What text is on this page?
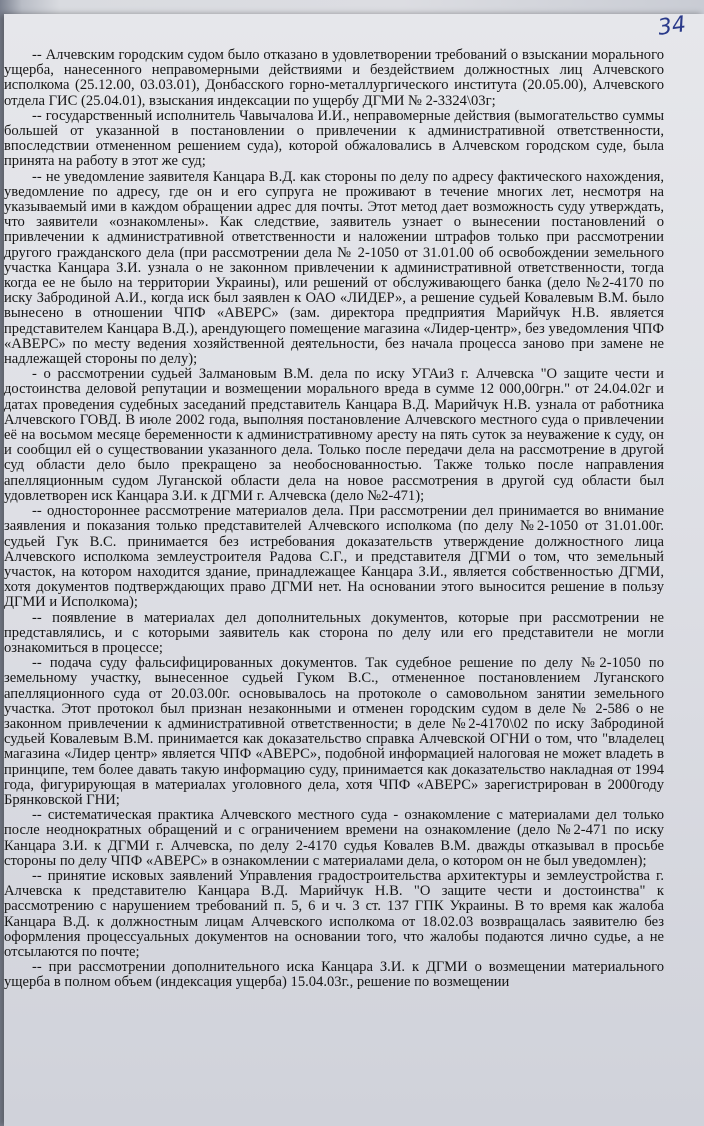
34

-- Алчевским городским судом было отказано в удовлетворении требований о взыскании морального ущерба, нанесенного неправомерными действиями и бездействием должностных лиц Алчевского исполкома (25.12.00, 03.03.01), Донбасского горно-металлургического института (20.05.00), Алчевского отдела ГИС (25.04.01), взыскания индексации по ущербу ДГМИ № 2-3324\03г;

-- государственный исполнитель Чавычалова И.И., неправомерные действия (вымогательство суммы большей от указанной в постановлении о привлечении к административной ответственности, впоследствии отмененном решением суда), которой обжаловались в Алчевском городском суде, была принята на работу в этот же суд;

-- не уведомление заявителя Канцара В.Д. как стороны по делу по адресу фактического нахождения, уведомление по адресу, где он и его супруга не проживают в течение многих лет, несмотря на указываемый ими в каждом обращении адрес для почты. Этот метод дает возможность суду утверждать, что заявители «ознакомлены». Как следствие, заявитель узнает о вынесении постановлений о привлечении к административной ответственности и наложении штрафов только при рассмотрении другого гражданского дела (при рассмотрении дела № 2-1050 от 31.01.00 об освобождении земельного участка Канцара З.И. узнала о не законном привлечении к административной ответственности, тогда когда ее не было на территории Украины), или решений от обслуживающего банка (дело №2-4170 по иску Забродиной А.И., когда иск был заявлен к ОАО «ЛИДЕР», а решение судьей Ковалевым В.М. было вынесено в отношении ЧПФ «АВЕРС» (зам. директора предприятия Марийчук Н.В. является представителем Канцара В.Д.), арендующего помещение магазина «Лидер-центр», без уведомления ЧПФ «АВЕРС» по месту ведения хозяйственной деятельности, без начала процесса заново при замене не надлежащей стороны по делу);

- о рассмотрении судьей Залмановым В.М. дела по иску УГАиЗ г. Алчевска "О защите чести и достоинства деловой репутации и возмещении морального вреда в сумме 12 000,00грн." от 24.04.02г и датах проведения судебных заседаний представитель Канцара В.Д. Марийчук Н.В. узнала от работника Алчевского ГОВД. В июле 2002 года, выполняя постановление Алчевского местного суда о привлечении её на восьмом месяце беременности к административному аресту на пять суток за неуважение к суду, он и сообщил ей о существовании указанного дела. Только после передачи дела на рассмотрение в другой суд области дело было прекращено за необоснованностью. Также только после направления апелляционным судом Луганской области дела на новое рассмотрения в другой суд области был удовлетворен иск Канцара З.И. к ДГМИ г. Алчевска (дело №2-471);

-- одностороннее рассмотрение материалов дела. При рассмотрении дел принимается во внимание заявления и показания только представителей Алчевского исполкома (по делу №2-1050 от 31.01.00г. судьей Гук В.С. принимается без истребования доказательств утверждение должностного лица Алчевского исполкома землеустроителя Радова С.Г., и представителя ДГМИ о том, что земельный участок, на котором находится здание, принадлежащее Канцара З.И., является собственностью ДГМИ, хотя документов подтверждающих право ДГМИ нет. На основании этого выносится решение в пользу ДГМИ и Исполкома);

-- появление в материалах дел дополнительных документов, которые при рассмотрении не представлялись, и с которыми заявитель как сторона по делу или его представители не могли ознакомиться в процессе;

-- подача суду фальсифицированных документов. Так судебное решение по делу №2-1050 по земельному участку, вынесенное судьей Гуком В.С., отмененное постановлением Луганского апелляционного суда от 20.03.00г. основывалось на протоколе о самовольном занятии земельного участка. Этот протокол был признан незаконными и отменен городским судом в деле № 2-586 о не законном привлечении к административной ответственности; в деле №2-4170\02 по иску Забродиной судьей Ковалевым В.М. принимается как доказательство справка Алчевской ОГНИ о том, что "владелец магазина «Лидер центр» является ЧПФ «АВЕРС», подобной информацией налоговая не может владеть в принципе, тем более давать такую информацию суду, принимается как доказательство накладная от 1994 года, фигурирующая в материалах уголовного дела, хотя ЧПФ «АВЕРС» зарегистрирован в 2000году Брянковской ГНИ;

-- систематическая практика Алчевского местного суда - ознакомление с материалами дел только после неоднократных обращений и с ограничением времени на ознакомление (дело №2-471 по иску Канцара З.И. к ДГМИ г. Алчевска, по делу 2-4170 судья Ковалев В.М. дважды отказывал в просьбе стороны по делу ЧПФ «АВЕРС» в ознакомлении с материалами дела, о котором он не был уведомлен);

-- принятие исковых заявлений Управления градостроительства архитектуры и землеустройства г. Алчевска к представителю Канцара В.Д. Марийчук Н.В. "О защите чести и достоинства" к рассмотрению с нарушением требований п. 5, 6 и ч. 3 ст. 137 ГПК Украины. В то время как жалоба Канцара В.Д. к должностным лицам Алчевского исполкома от 18.02.03 возвращалась заявителю без оформления процессуальных документов на основании того, что жалобы подаются лично судье, а не отсылаются по почте;

-- при рассмотрении дополнительного иска Канцара З.И. к ДГМИ о возмещении материального ущерба в полном объем (индексация ущерба) 15.04.03г., решение по возмещении
